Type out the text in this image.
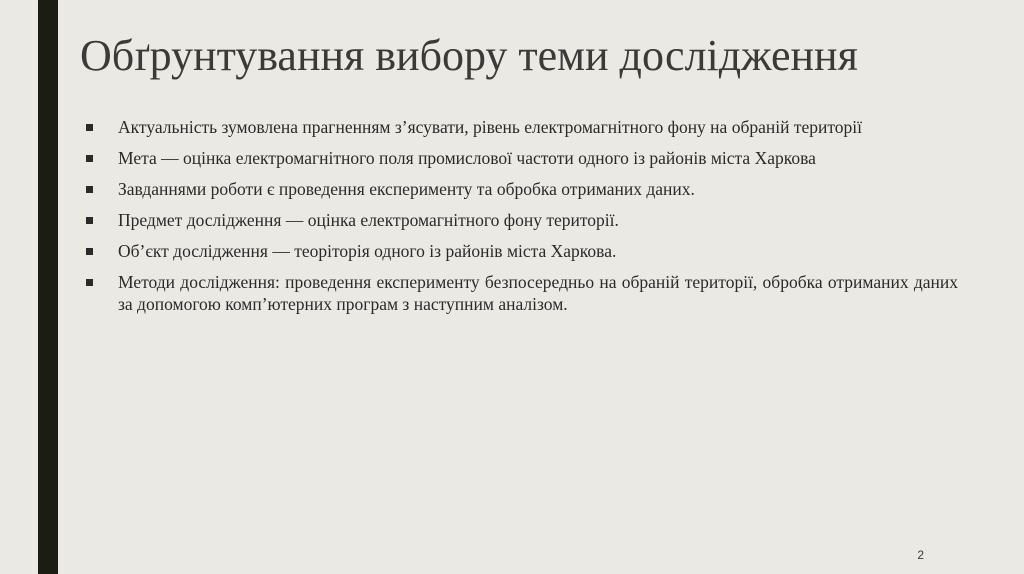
Обґрунтування вибору теми дослідження
Актуальність зумовлена прагненням з’ясувати, рівень електромагнітного фону на обраній території
Мета — оцінка електромагнітного поля промислової частоти одного із районів міста Харкова
Завданнями роботи є проведення експерименту та обробка отриманих даних.
Предмет дослідження — оцінка електромагнітного фону території.
Об’єкт дослідження — теоріторія одного із районів міста Харкова.
Методи дослідження: проведення експерименту безпосередньо на обраній території, обробка отриманих даних за допомогою комп’ютерних програм з наступним аналізом.
2
